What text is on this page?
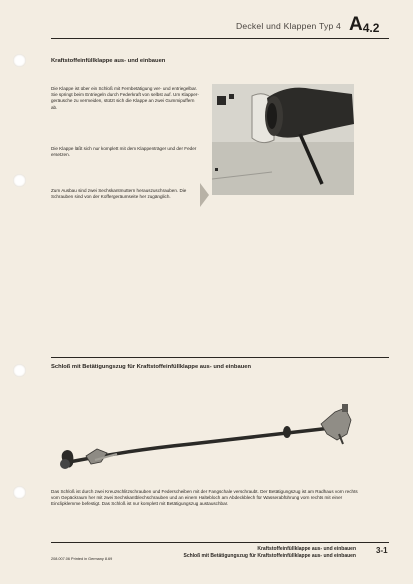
Deckel und Klappen Typ 4 $A_{4.2}$
Kraftstoffeinfüllklappe aus- und einbauen
Die Klappe ist über ein Schloß mit Fernbetätigung ver- und entriegelbar. Sie springt beim Entriegeln durch Federkraft von selbst auf. Um Klappergeräusche zu vermeiden, stützt sich die Klappe an zwei Gummipuffern ab.
Die Klappe läßt sich nur komplett mit dem Klappenträger und der Feder ersetzen.
Zum Ausbau sind zwei Sechskantmuttern herauszuschrauben. Die Schrauben sind von der Koffergeräumseite her zugänglich.
Schloß mit Betätigungszug für Kraftstoffeinfüllklappe aus- und einbauen
Das Schloß ist durch zwei Kreuzschlitzschrauben und Federscheiben mit der Fangschale verschraubt. Der Betätigungszug ist am Radhaus vorn rechts vom Gepäckraum her mit zwei Sechskantblechschrauben und an einem Haltebloch am Abdeckblech für Wasserabführung vorn rechts mit einer Einclipklemme befestigt. Das Schloß ist nur komplett mit Betätigungszug austauschbar.
Kraftstoffeinfüllklappe aus- und einbauen
Schloß mit Betätigungszug für Kraftstoffeinfüllklappe aus- und einbauen
3-1
208.007.06 Printed in Germany 8.69
